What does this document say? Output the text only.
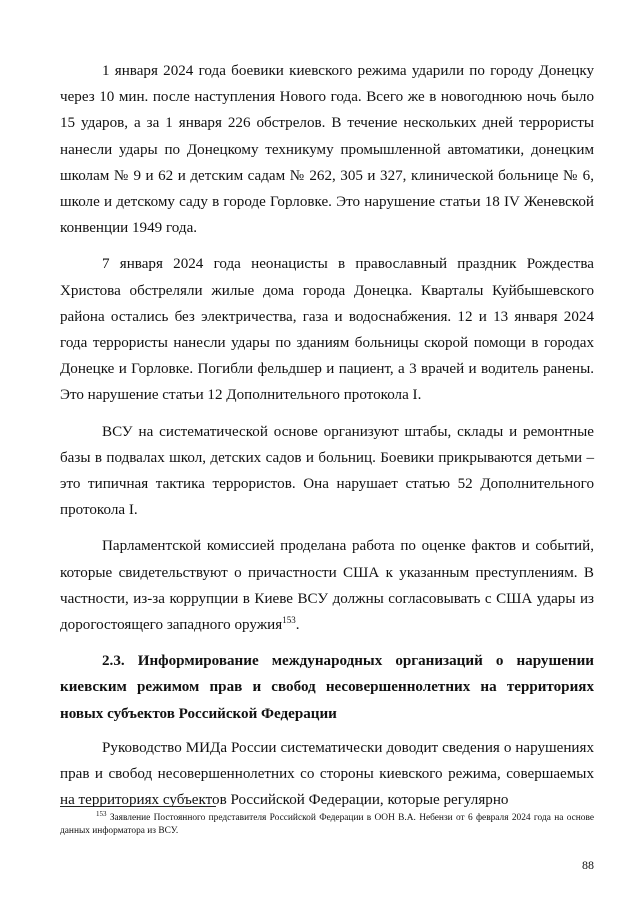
1 января 2024 года боевики киевского режима ударили по городу Донецку через 10 мин. после наступления Нового года. Всего же в новогоднюю ночь было 15 ударов, а за 1 января 226 обстрелов. В течение нескольких дней террористы нанесли удары по Донецкому техникуму промышленной автоматики, донецким школам № 9 и 62 и детским садам № 262, 305 и 327, клинической больнице № 6, школе и детскому саду в городе Горловке. Это нарушение статьи 18 IV Женевской конвенции 1949 года.

7 января 2024 года неонацисты в православный праздник Рождества Христова обстреляли жилые дома города Донецка. Кварталы Куйбышевского района остались без электричества, газа и водоснабжения. 12 и 13 января 2024 года террористы нанесли удары по зданиям больницы скорой помощи в городах Донецке и Горловке. Погибли фельдшер и пациент, а 3 врачей и водитель ранены. Это нарушение статьи 12 Дополнительного протокола I.

ВСУ на систематической основе организуют штабы, склады и ремонтные базы в подвалах школ, детских садов и больниц. Боевики прикрываются детьми – это типичная тактика террористов. Она нарушает статью 52 Дополнительного протокола I.

Парламентской комиссией проделана работа по оценке фактов и событий, которые свидетельствуют о причастности США к указанным преступлениям. В частности, из-за коррупции в Киеве ВСУ должны согласовывать с США удары из дорогостоящего западного оружия$^{153}$.

2.3. Информирование международных организаций о нарушении киевским режимом прав и свобод несовершеннолетних на территориях новых субъектов Российской Федерации

Руководство МИДа России систематически доводит сведения о нарушениях прав и свобод несовершеннолетних со стороны киевского режима, совершаемых на территориях субъектов Российской Федерации, которые регулярно

$^{153}$ Заявление Постоянного представителя Российской Федерации в ООН В.А. Небензи от 6 февраля 2024 года на основе данных информатора из ВСУ.
88
